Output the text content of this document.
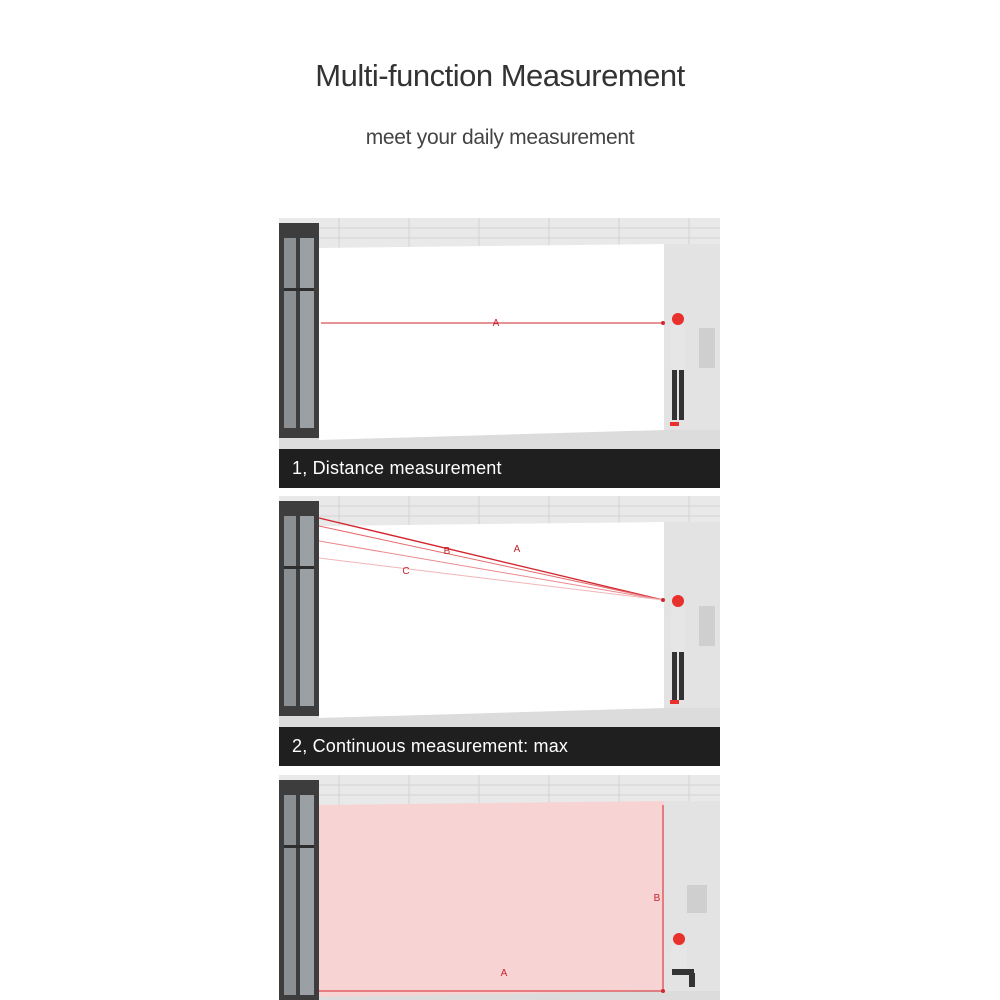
Multi-function Measurement
meet your daily measurement
A
1, Distance measurement
A
B
C
2, Continuous measurement: max
A
B
